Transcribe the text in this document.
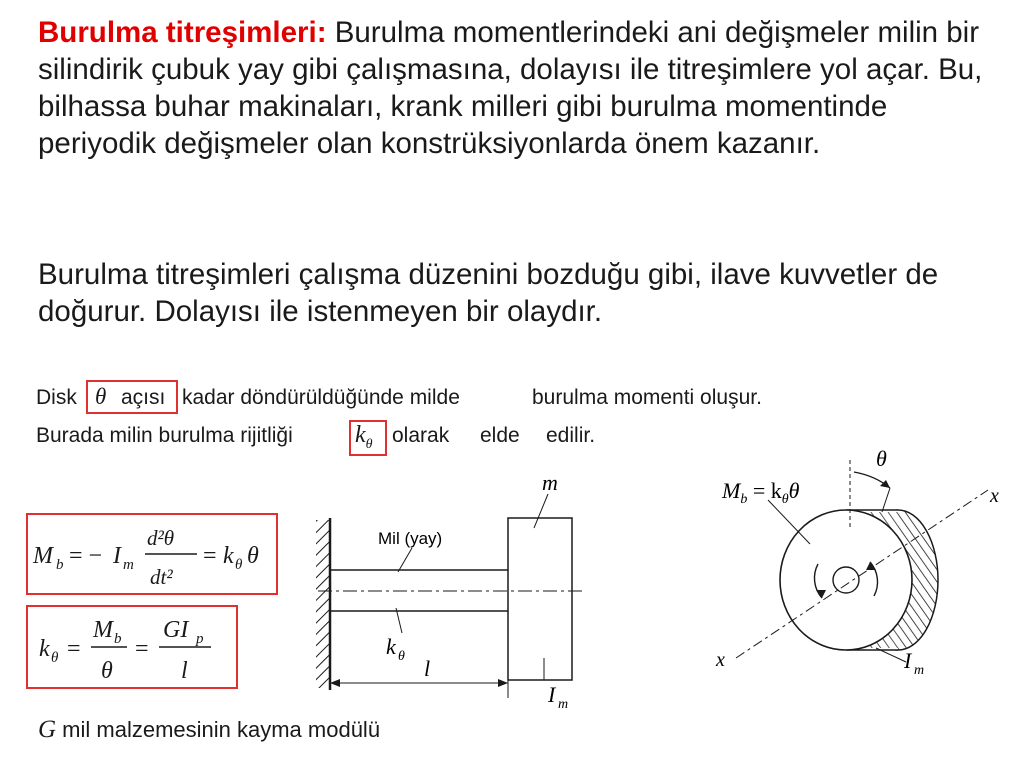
Burulma titreşimleri: Burulma momentlerindeki ani değişmeler milin bir silindirik çubuk yay gibi çalışmasına, dolayısı ile titreşimlere yol açar. Bu, bilhassa buhar makinaları, krank milleri gibi burulma momentinde periyodik değişmeler olan konstrüksiyonlarda önem kazanır.
Burulma titreşimleri çalışma düzenini bozduğu gibi, ilave kuvvetler de doğurur. Dolayısı ile istenmeyen bir olaydır.
Disk θ açısı kadar döndürüldüğünde milde	burulma momenti oluşur.
Burada milin burulma rijitliği	$k_\theta$ olarak elde edilir.
M b = − I m
d²θ
dt²
= k θ θ
k θ =
M b
θ
=
GI p
l
G mil malzemesinin kayma modülü
m
Mil (yay)
k θ l
I m
θ
$M_b = k_\theta\theta$	x
x	I m
